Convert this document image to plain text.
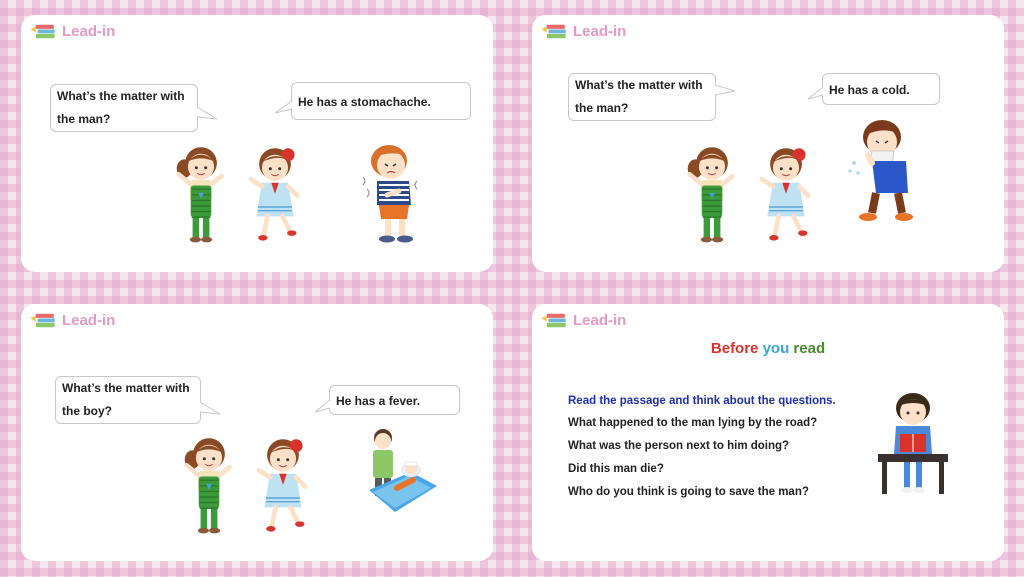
Lead-in
What’s the matter with the man?
He has a stomachache.
Lead-in
What’s the matter with the man?
He has a cold.
Lead-in
What’s the matter with the boy?
He has a fever.
Lead-in
Before you read
Read the passage and think about the questions.
What happened to the man lying by the road?
What was the person next to him doing?
Did this man die?
Who do you think is going to save the man?
